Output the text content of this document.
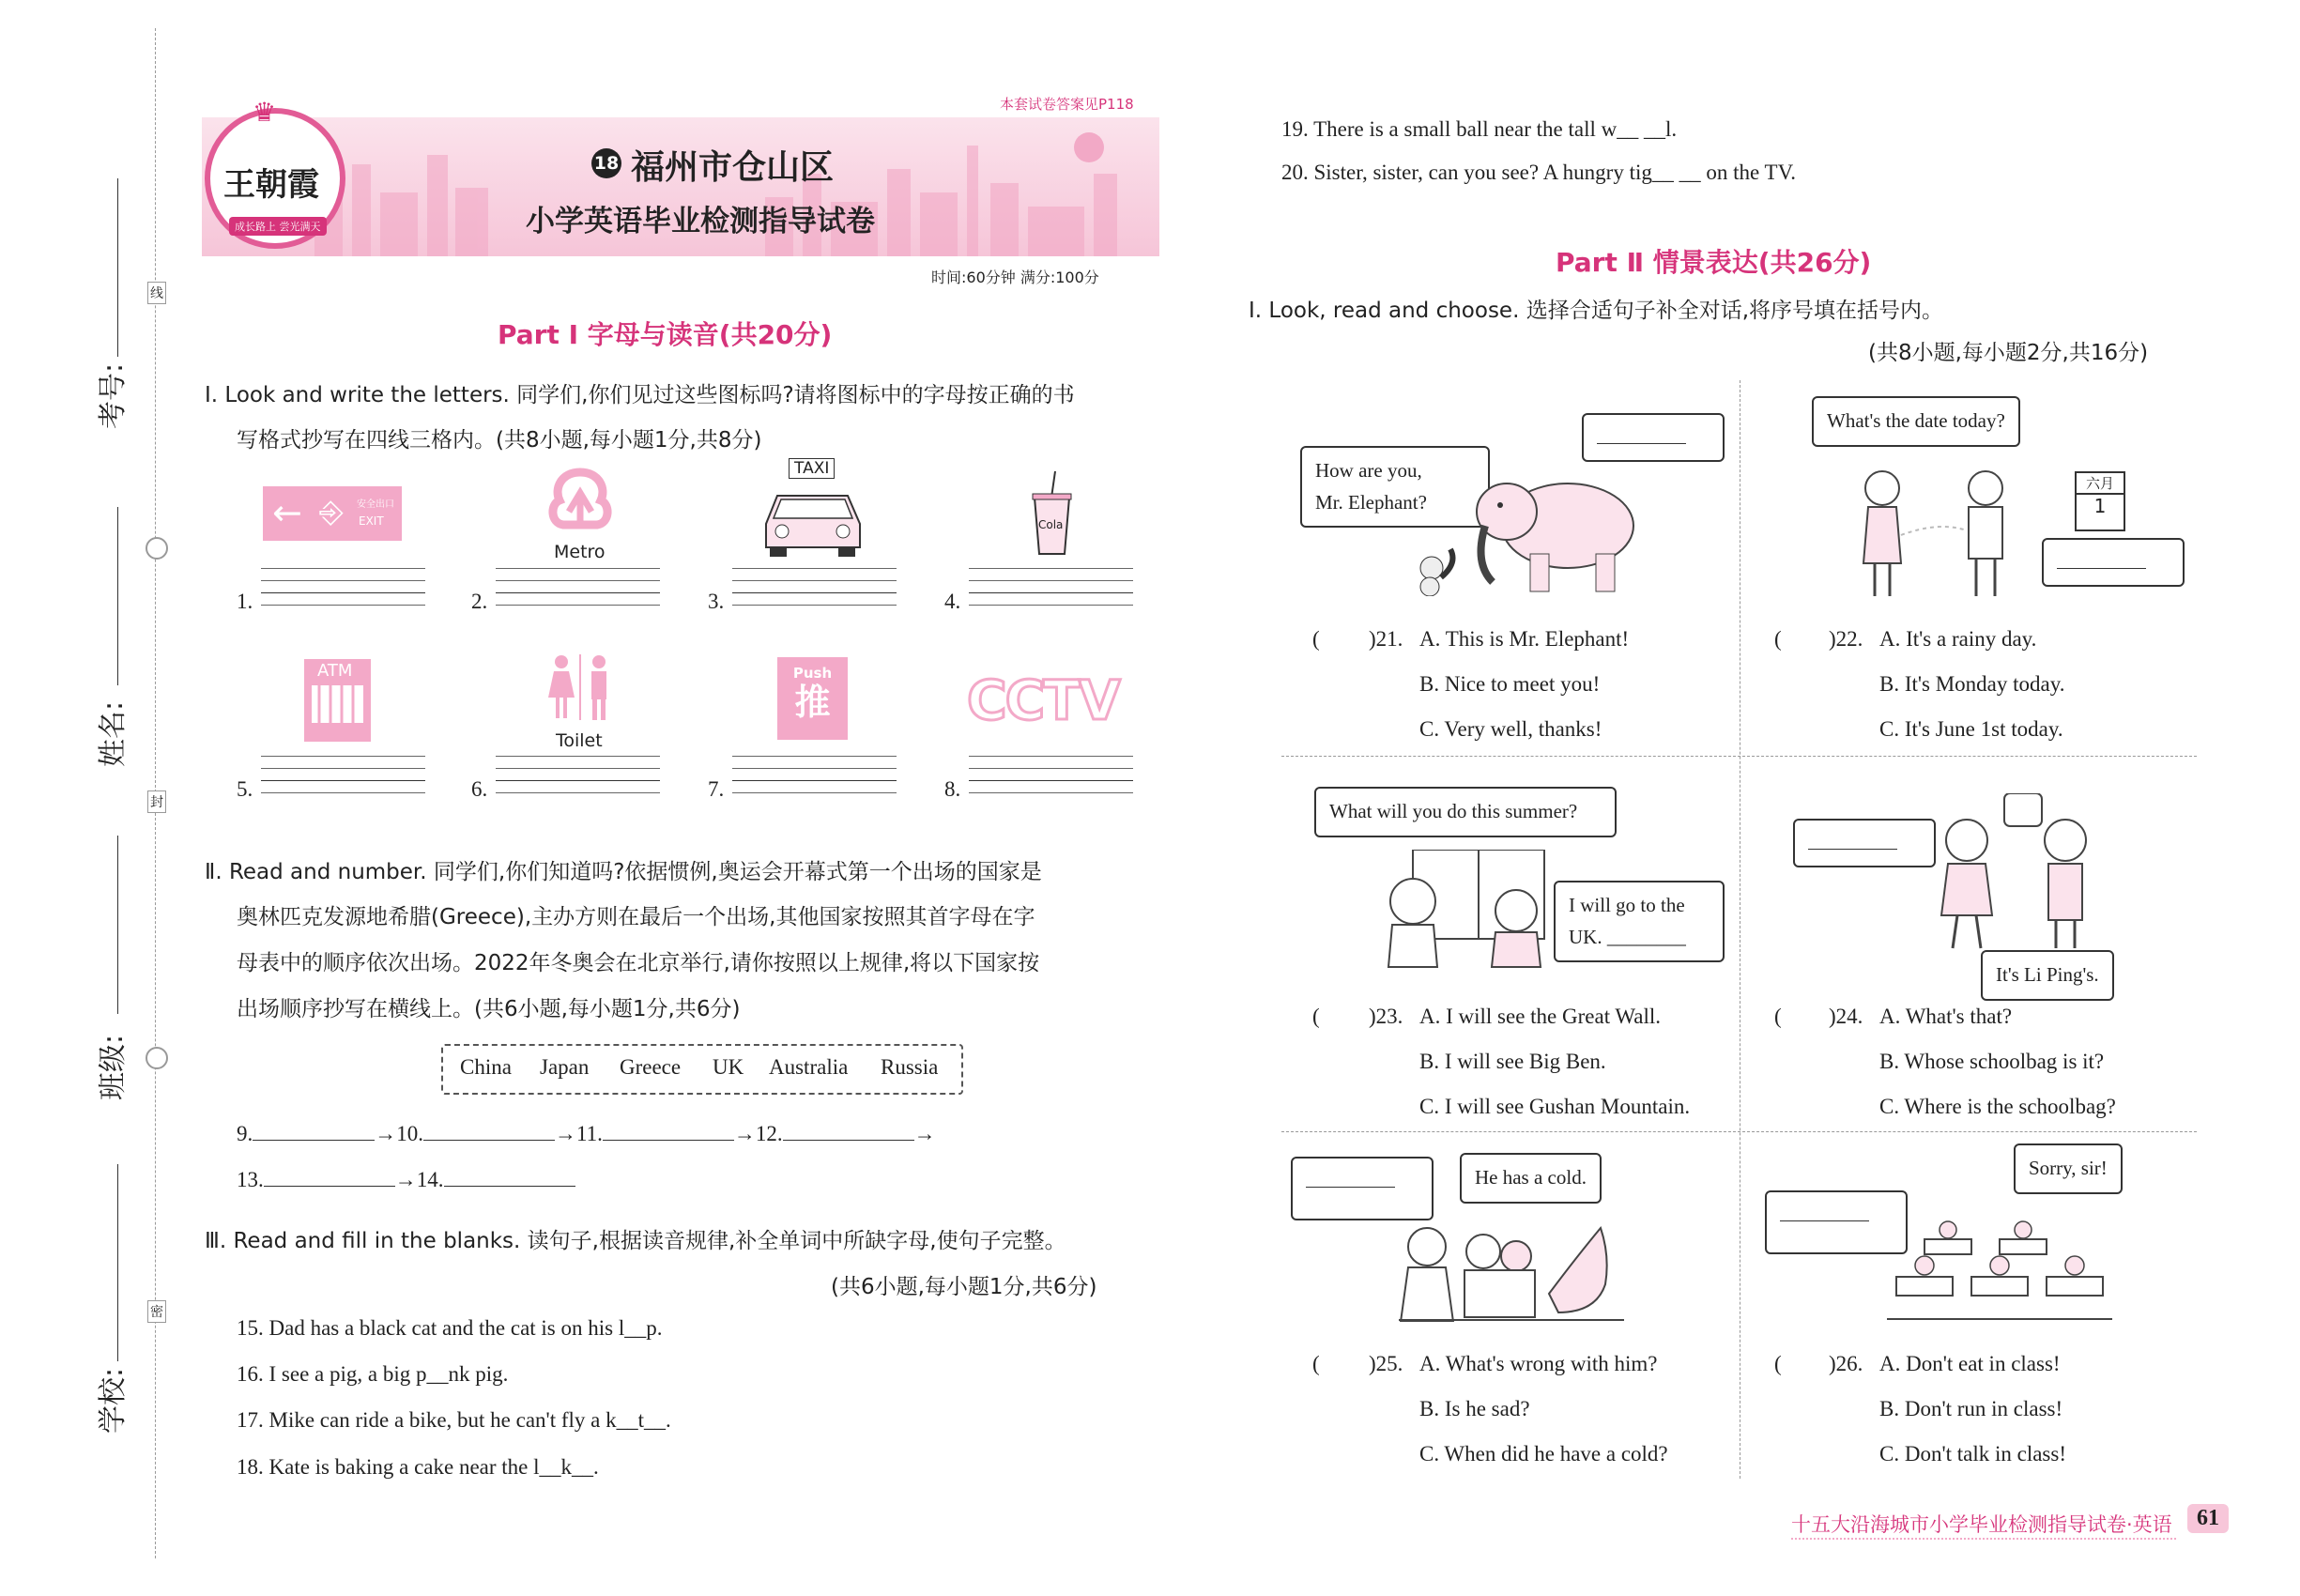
考号:
姓名:
班级:
学校:
线
封
密
本套试卷答案见P118
♛
王朝霞
成长路上 尝光满天
18 福州市仓山区
小学英语毕业检测指导试卷
时间:60分钟 满分:100分
Part Ⅰ 字母与读音(共20分)
Ⅰ. Look and write the letters. 同学们,你们见过这些图标吗?请将图标中的字母按正确的书
写格式抄写在四线三格内。(共8小题,每小题1分,共8分)
← ⎆ 安全出口
EXIT
Metro
TAXI
Cola
1.	2.	3.	4.
ATM
Toilet
Push
推	CCTV
5.	6.	7.	8.
Ⅱ. Read and number. 同学们,你们知道吗?依据惯例,奥运会开幕式第一个出场的国家是
奥林匹克发源地希腊(Greece),主办方则在最后一个出场,其他国家按照其首字母在字
母表中的顺序依次出场。2022年冬奥会在北京举行,请你按照以上规律,将以下国家按
出场顺序抄写在横线上。(共6小题,每小题1分,共6分)
China Japan Greece UK Australia Russia
9.	→10.	→11.	→12.	→
13.	→14.
Ⅲ. Read and fill in the blanks. 读句子,根据读音规律,补全单词中所缺字母,使句子完整。
(共6小题,每小题1分,共6分)
15. Dad has a black cat and the cat is on his l__p.
16. I see a pig, a big p__nk pig.
17. Mike can ride a bike, but he can't fly a k__t__.
18. Kate is baking a cake near the l__k__.
19. There is a small ball near the tall w__ __l.
20. Sister, sister, can you see? A hungry tig__ __ on the TV.
Part Ⅱ 情景表达(共26分)
Ⅰ. Look, read and choose. 选择合适句子补全对话,将序号填在括号内。
(共8小题,每小题2分,共16分)
How are you,
Mr. Elephant?
( )21. A. This is Mr. Elephant!
B. Nice to meet you!
C. Very well, thanks!
What's the date today?
六月
1
( )22. A. It's a rainy day.
B. It's Monday today.
C. It's June 1st today.
What will you do this summer?
I will go to the
UK. ________
( )23. A. I will see the Great Wall.
B. I will see Big Ben.
C. I will see Gushan Mountain.
It's Li Ping's.
( )24. A. What's that?
B. Whose schoolbag is it?
C. Where is the schoolbag?
He has a cold.
( )25. A. What's wrong with him?
B. Is he sad?
C. When did he have a cold?
Sorry, sir!
( )26. A. Don't eat in class!
B. Don't run in class!
C. Don't talk in class!
十五大沿海城市小学毕业检测指导试卷·英语	61
